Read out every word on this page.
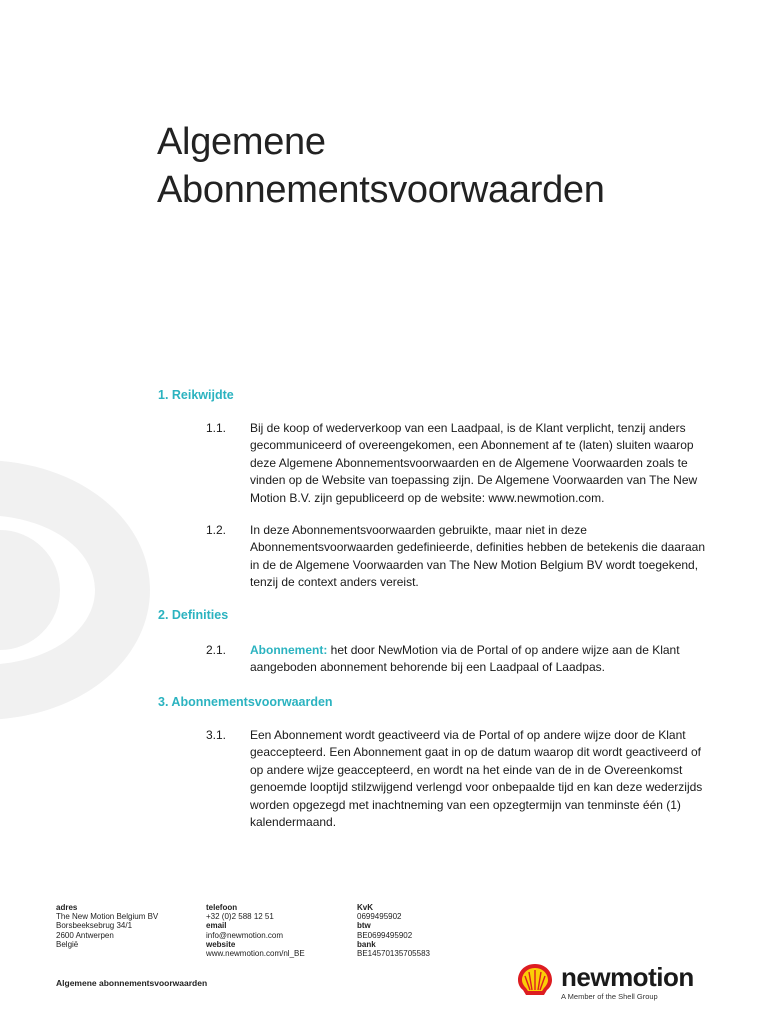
Algemene
Abonnementsvoorwaarden
1. Reikwijdte
1.1. Bij de koop of wederverkoop van een Laadpaal, is de Klant verplicht, tenzij anders gecommuniceerd of overeengekomen, een Abonnement af te (laten) sluiten waarop deze Algemene Abonnementsvoorwaarden en de Algemene Voorwaarden zoals te vinden op de Website van toepassing zijn. De Algemene Voorwaarden van The New Motion B.V. zijn gepubliceerd op de website: www.newmotion.com.
1.2. In deze Abonnementsvoorwaarden gebruikte, maar niet in deze Abonnementsvoorwaarden gedefinieerde, definities hebben de betekenis die daaraan in de de Algemene Voorwaarden van The New Motion Belgium BV wordt toegekend, tenzij de context anders vereist.
2. Definities
2.1. Abonnement: het door NewMotion via de Portal of op andere wijze aan de Klant aangeboden abonnement behorende bij een Laadpaal of Laadpas.
3. Abonnementsvoorwaarden
3.1. Een Abonnement wordt geactiveerd via de Portal of op andere wijze door de Klant geaccepteerd. Een Abonnement gaat in op de datum waarop dit wordt geactiveerd of op andere wijze geaccepteerd, en wordt na het einde van de in de Overeenkomst genoemde looptijd stilzwijgend verlengd voor onbepaalde tijd en kan deze wederzijds worden opgezegd met inachtneming van een opzegtermijn van tenminste één (1) kalendermaand.
adres
The New Motion Belgium BV
Borsbeeksebrug 34/1
2600 Antwerpen
België
telefoon
+32 (0)2 588 12 51
email
info@newmotion.com
website
www.newmotion.com/nl_BE
KvK
0699495902
btw
BE0699495902
bank
BE14570135705583
Algemene abonnementsvoorwaarden	newmotion
A Member of the Shell Group
